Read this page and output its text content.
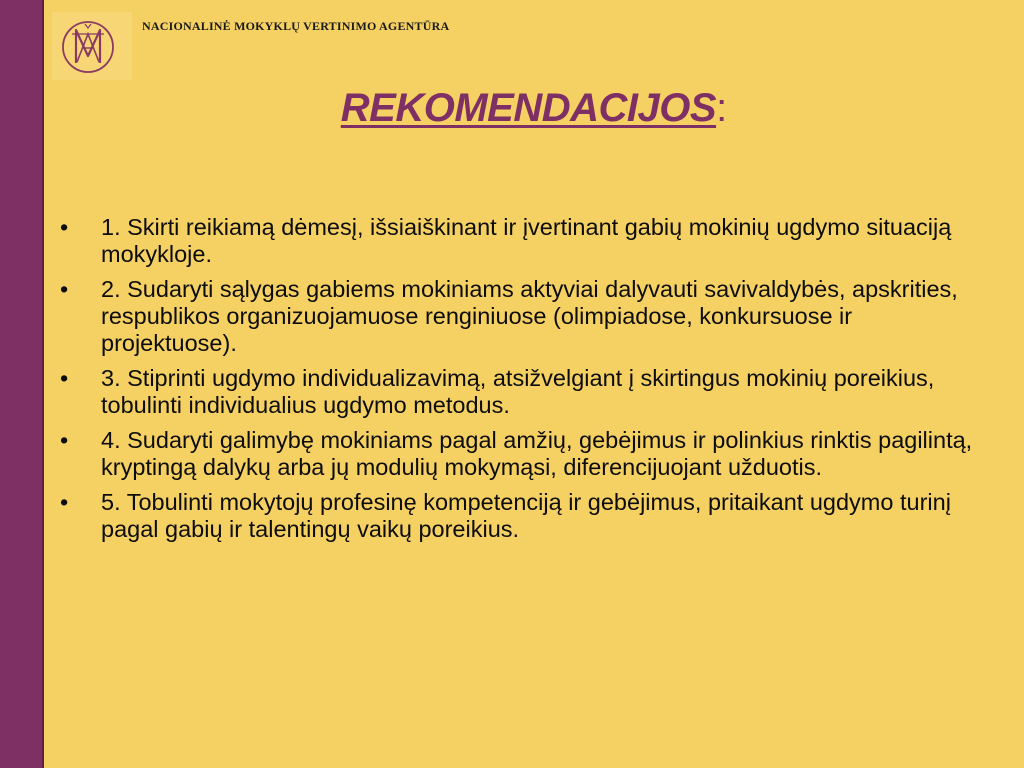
NACIONALINĖ MOKYKLŲ VERTINIMO AGENTŪRA
REKOMENDACIJOS:
• 1. Skirti reikiamą dėmesį, išsiaiškinant ir įvertinant gabių mokinių ugdymo situaciją mokykloje.
• 2. Sudaryti sąlygas gabiems mokiniams aktyviai dalyvauti savivaldybės, apskrities, respublikos organizuojamuose renginiuose (olimpiadose, konkursuose ir projektuose).
• 3. Stiprinti ugdymo individualizavimą, atsižvelgiant į skirtingus mokinių poreikius, tobulinti individualius ugdymo metodus.
• 4. Sudaryti galimybę mokiniams pagal amžių, gebėjimus ir polinkius rinktis pagilintą, kryptingą dalykų arba jų modulių mokymąsi, diferencijuojant užduotis.
• 5. Tobulinti mokytojų profesinę kompetenciją ir gebėjimus, pritaikant ugdymo turinį pagal gabių ir talentingų vaikų poreikius.
